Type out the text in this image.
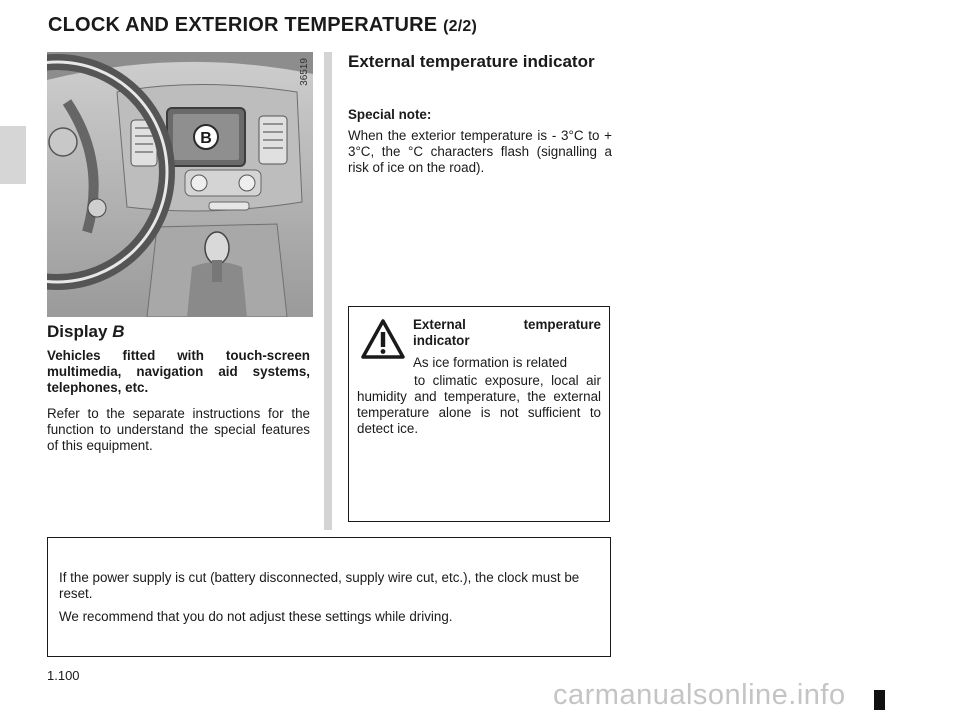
CLOCK AND EXTERIOR TEMPERATURE (2/2)
B
36519
Display B

Vehicles fitted with touch-screen multimedia, navigation aid systems, telephones, etc.

Refer to the separate instructions for the function to understand the special features of this equipment.

External temperature indicator

Special note:

When the exterior temperature is - 3°C to + 3°C, the °C characters flash (signalling a risk of ice on the road).

External temperature indicator

As ice formation is related

to climatic exposure, local air humidity and temperature, the external temperature alone is not sufficient to detect ice.

If the power supply is cut (battery disconnected, supply wire cut, etc.), the clock must be reset.

We recommend that you do not adjust these settings while driving.

1.100
carmanualsonline.info
